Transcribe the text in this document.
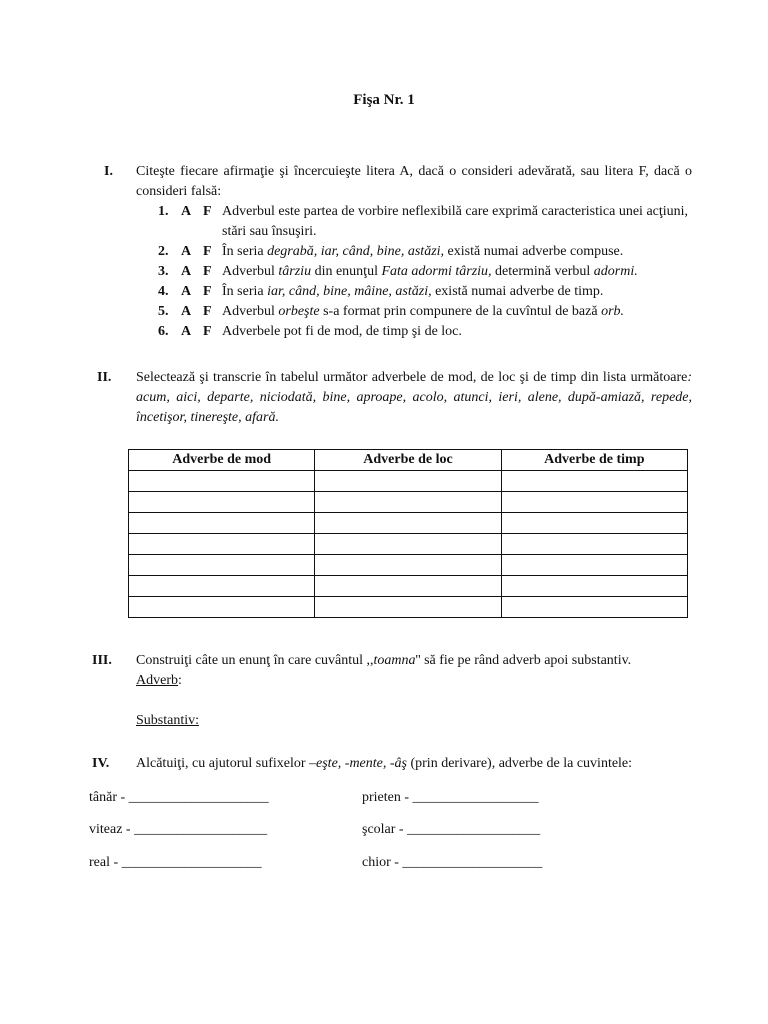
Fişa Nr. 1
I.	Citeşte fiecare afirmaţie şi încercuieşte litera A, dacă o consideri adevărată, sau litera F, dacă o consideri falsă:
1. A F Adverbul este partea de vorbire neflexibilă care exprimă caracteristica unei acţiuni, stări sau însuşiri.
2. A F În seria degrabă, iar, când, bine, astăzi, există numai adverbe compuse.
3. A F Adverbul târziu din enunţul Fata adormi târziu, determină verbul adormi.
4. A F În seria iar, când, bine, mâine, astăzi, există numai adverbe de timp.
5. A F Adverbul orbeşte s-a format prin compunere de la cuvîntul de bază orb.
6. A F Adverbele pot fi de mod, de timp şi de loc.
II.	Selectează şi transcrie în tabelul următor adverbele de mod, de loc şi de timp din lista următoare: acum, aici, departe, niciodată, bine, aproape, acolo, atunci, ieri, alene, după-amiază, repede, încetişor, tinereşte, afară.
Adverbe de mod	Adverbe de loc	Adverbe de timp

III.	Construiţi câte un enunţ în care cuvântul ,,toamna'' să fie pe rând adverb apoi substantiv.
Adverb:
Substantiv:
IV.	Alcătuiţi, cu ajutorul sufixelor –eşte, -mente, -âş (prin derivare), adverbe de la cuvintele:
tânăr - ____________________
viteaz - ___________________
real - ____________________
prieten - __________________
şcolar - ___________________
chior - ____________________
